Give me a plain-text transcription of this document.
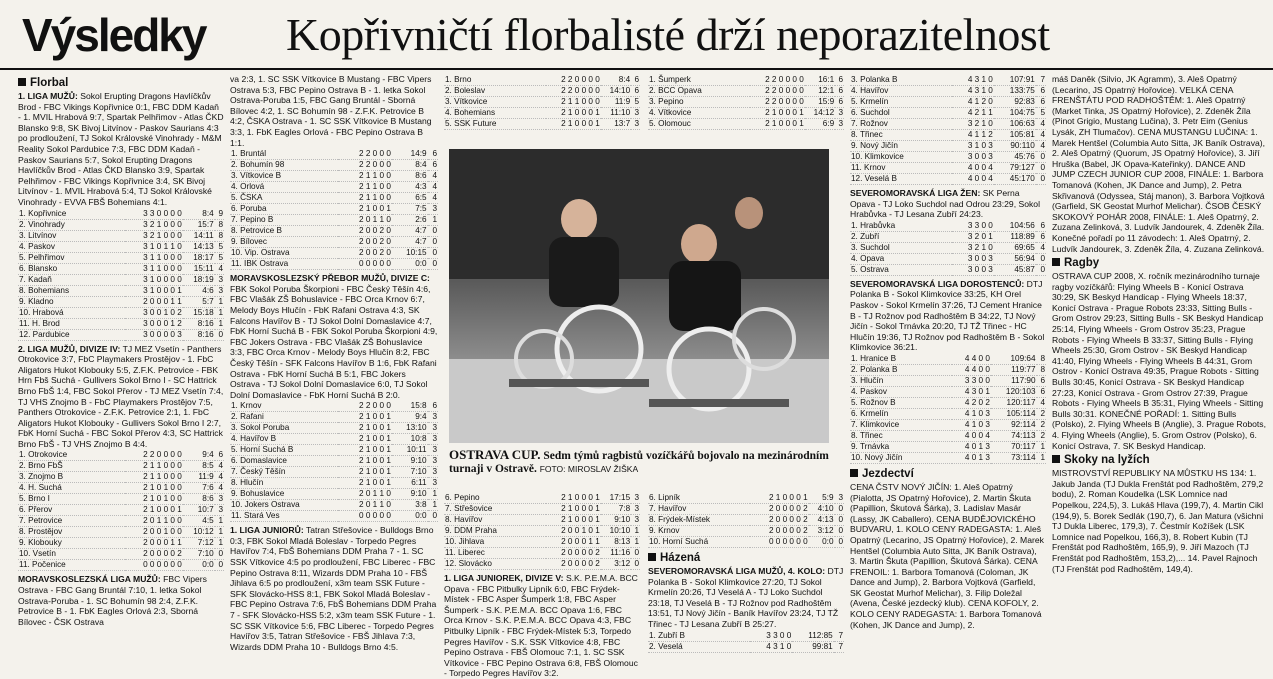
Výsledky Kopřivničtí florbalisté drží neporazitelnost
Florbal

1. LIGA MUŽŮ: Sokol Erupting Dragons Havlíčkův Brod - FBC Vikings Kopřivnice 0:1, FBC DDM Kadaň - 1. MVIL Hrabová 9:7, Spartak Pelhřimov - Atlas ČKD Blansko 9:8, SK Bivoj Litvínov - Paskov Saurians 4:3 po prodloužení, TJ Sokol Královské Vinohrady - M&M Reality Sokol Pardubice 7:3, FBC DDM Kadaň - Paskov Saurians 5:7, Sokol Erupting Dragons Havlíčkův Brod - Atlas ČKD Blansko 3:9, Spartak Pelhřimov - FBC Vikings Kopřivnice 3:4, SK Bivoj Litvínov - 1. MVIL Hrabová 5:4, TJ Sokol Královské Vinohrady - EVVA FBŠ Bohemians 4:1.

1. Kopřivnice	3 3 0 0 0 0	8:4	9
2. Vinohrady	3 2 1 0 0 0	15:7	8
3. Litvínov	3 2 1 0 0 0	14:11	8
4. Paskov	3 1 0 1 1 0	14:13	5
5. Pelhřimov	3 1 1 0 0 0	18:17	5
6. Blansko	3 1 1 0 0 0	15:11	4
7. Kadaň	3 1 0 0 0 0	18:19	3
8. Bohemians	3 1 0 0 0 1	4:6	3
9. Kladno	2 0 0 0 1 1	5:7	1
10. Hrabová	3 0 0 1 0 2	15:18	1
11. H. Brod	3 0 0 0 1 2	8:16	1
12. Pardubice	3 0 0 0 0 3	8:16	0

2. LIGA MUŽŮ, DIVIZE IV: TJ MEZ Vsetín - Panthers Otrokovice 3:7, FbC Playmakers Prostějov - 1. FbC Aligators Hukot Klobouky 5:5, Z.F.K. Petrovice - FBK Hrn Fbš Suchá - Gullivers Sokol Brno I - SC Hattrick Brno FbŠ 1:4, FBC Sokol Přerov - TJ MEZ Vsetín 7:4, TJ VHS Znojmo B - FbC Playmakers Prostějov 7:5, Panthers Otrokovice - Z.F.K. Petrovice 2:1, 1. FbC Aligators Hukot Klobouky - Gullivers Sokol Brno I 2:7, FbK Horní Suchá - FBC Sokol Přerov 4:3, SC Hattrick Brno FbŠ - TJ VHS Znojmo B 4:4.

1. Otrokovice	2 2 0 0 0 0	9:4	6
2. Brno FbŠ	2 1 1 0 0 0	8:5	4
3. Znojmo B	2 1 1 0 0 0	11:9	4
4. H. Suchá	2 1 0 1 0 0	7:6	4
5. Brno I	2 1 0 1 0 0	8:6	3
6. Přerov	2 1 0 0 0 1	10:7	3
7. Petrovice	2 0 1 1 0 0	4:5	1
8. Prostějov	2 0 0 1 0 0	10:12	1
9. Klobouky	2 0 0 0 1 1	7:12	1
10. Vsetín	2 0 0 0 0 2	7:10	0
11. Počenice	0 0 0 0 0 0	0:0	0

MORAVSKOSLEZSKÁ LIGA MUŽŮ: FBC Vipers Ostrava - FBC Gang Bruntál 7:10, 1. letka Sokol Ostrava-Poruba - 1. SC Bohumín 98 2:4, Z.F.K. Petrovice B - 1. FbK Eagles Orlová 2:3, Sborná Bílovec - ČSK Ostrava

va 2:3, 1. SC SSK Vítkovice B Mustang - FBC Vipers Ostrava 5:3, FBC Pepino Ostrava B - 1. letka Sokol Ostrava-Poruba 1:5, FBC Gang Bruntál - Sborná Bílovec 4:2, 1. SC Bohumín 98 - Z.F.K. Petrovice B 4:2, ČSKA Ostrava - 1. SC SSK Vítkovice B Mustang 3:3, 1. FbK Eagles Orlová - FBC Pepino Ostrava B 1:1.

1. Bruntál	2 2 0 0 0	14:9	6
2. Bohumín 98	2 2 0 0 0	8:4	6
3. Vítkovice B	2 1 1 0 0	8:6	4
4. Orlová	2 1 1 0 0	4:3	4
5. ČSKA	2 1 1 0 0	6:5	4
6. Poruba	2 1 0 0 1	7:5	3
7. Pepino B	2 0 1 1 0	2:6	1
8. Petrovice B	2 0 0 2 0	4:7	0
9. Bílovec	2 0 0 2 0	4:7	0
10. Vip. Ostrava	2 0 0 2 0	10:15	0
11. IBK Ostrava	0 0 0 0 0	0:0	0

MORAVSKOSLEZSKÝ PŘEBOR MUŽŮ, DIVIZE C: FBK Sokol Poruba Škorpioni - FBC Český Těšín 4:6, FBC Vlašák ZŠ Bohuslavice - FBC Orca Krnov 6:7, Melody Boys Hlučín - FbK Rafani Ostrava 4:3, SK Falcons Havířov B - TJ Sokol Dolní Domaslavice 4:7, FbK Horní Suchá B - FBK Sokol Poruba Škorpioni 4:9, FBC Jokers Ostrava - FBC Vlašák ZŠ Bohuslavice 3:3, FBC Orca Krnov - Melody Boys Hlučín 8:2, FBC Český Těšín - SFK Falcons Havířov B 1:6, FbK Rafani Ostrava - FbK Horní Suchá B 5:1, FBC Jokers Ostrava - TJ Sokol Dolní Domaslavice 6:0, TJ Sokol Dolní Domaslavice - FbK Horní Suchá B 2:0.

1. Krnov	2 2 0 0 0	15:8	6
2. Rafani	2 1 0 0 1	9:4	3
3. Sokol Poruba	2 1 0 0 1	13:10	3
4. Havířov B	2 1 0 0 1	10:8	3
5. Horní Suchá B	2 1 0 0 1	10:11	3
6. Domaslavice	2 1 0 0 1	9:10	3
7. Český Těšín	2 1 0 0 1	7:10	3
8. Hlučín	2 1 0 0 1	6:11	3
9. Bohuslavice	2 0 1 1 0	9:10	1
10. Jokers Ostrava	2 0 1 1 0	3:8	1
11. Stará Ves	0 0 0 0 0	0:0	0

1. LIGA JUNIORŮ: Tatran Střešovice - Bulldogs Brno 0:3, FBK Sokol Mladá Boleslav - Torpedo Pegres Havířov 7:4, FbŠ Bohemians DDM Praha 7 - 1. SC SSK Vítkovice 4:5 po prodloužení, FBC Liberec - FBC Pepino Ostrava 8:11, Wizards DDM Praha 10 - FBŠ Jihlava 6:5 po prodloužení, x3m team SSK Future - SFK Slovácko-HSS 8:1, FBK Sokol Mladá Boleslav - FBC Pepino Ostrava 7:6, FbŠ Bohemians DDM Praha 7 - SFK Slovácko-HSS 5:2, x3m team SSK Future - 1. SC SSK Vítkovice 5:6, FBC Liberec - Torpedo Pegres Havířov 3:5, Tatran Střešovice - FBŠ Jihlava 7:3, Wizards DDM Praha 10 - Bulldogs Brno 4:5.

1. Brno	2 2 0 0 0 0	8:4	6
2. Boleslav	2 2 0 0 0 0	14:10	6
3. Vítkovice	2 1 1 0 0 0	11:9	5
4. Bohemians	2 1 0 0 0 1	11:10	3
5. SSK Future	2 1 0 0 0 1	13:7	3
1. Šumperk	2 2 0 0 0 0	16:1	6
2. BCC Opava	2 2 0 0 0 0	12:1	6
3. Pepino	2 2 0 0 0 0	15:9	6
4. Vítkovice	2 1 0 0 0 1	14:12	3
5. Olomouc	2 1 0 0 0 1	6:9	3
OSTRAVA CUP. Sedm týmů ragbistů vozíčkářů bojovalo na mezinárodním turnaji v Ostravě. FOTO: MIROSLAV ŽIŠKA
6. Pepino	2 1 0 0 0 1	17:15	3
7. Střešovice	2 1 0 0 0 1	7:8	3
8. Havířov	2 1 0 0 0 1	9:10	3
9. DDM Praha	2 0 0 1 0 1	10:10	1
10. Jihlava	2 0 0 0 1 1	8:13	1
11. Liberec	2 0 0 0 0 2	11:16	0
12. Slovácko	2 0 0 0 0 2	3:12	0

1. LIGA JUNIOREK, DIVIZE V: S.K. P.E.M.A. BCC Opava - FBC Pitbulky Lipník 6:0, FBC Frýdek-Místek - FBC Asper Šumperk 1:8, FBC Asper Šumperk - S.K. P.E.M.A. BCC Opava 1:6, FBC Orca Krnov - S.K. P.E.M.A. BCC Opava 4:3, FBC Pitbulky Lipník - FBC Frýdek-Místek 5:3, Torpedo Pegres Havířov - S.K. SSK Vítkovice 4:8, FBC Pepino Ostrava - FBŠ Olomouc 7:1, 1. SC SSK Vítkovice - FBC Pepino Ostrava 6:8, FBŠ Olomouc - Torpedo Pegres Havířov 3:2.

6. Lipník	2 1 0 0 0 1	5:9	3
7. Havířov	2 0 0 0 0 2	4:10	0
8. Frýdek-Místek	2 0 0 0 0 2	4:13	0
9. Krnov	2 0 0 0 0 2	3:12	0
10. Horní Suchá	0 0 0 0 0 0	0:0	0
Házená

SEVEROMORAVSKÁ LIGA MUŽŮ, 4. KOLO: DTJ Polanka B - Sokol Klimkovice 27:20, TJ Sokol Krmelín 20:26, TJ Veselá A - TJ Loko Suchdol 23:18, TJ Veselá B - TJ Rožnov pod Radhoštěm 13:51, TJ Nový Jičín - Baník Havířov 23:24, TJ TŽ Třinec - TJ Lesana Zubří B 25:27.

1. Zubří B	3 3 0 0	112:85	7
2. Veselá	4 3 1 0	99:81	7
3. Polanka B	4 3 1 0	107:91	7
4. Havířov	4 3 1 0	133:75	6
5. Krmelín	4 1 2 0	92:83	6
6. Suchdol	4 2 1 1	104:75	5
7. Rožnov	3 2 1 0	106:63	4
8. Třinec	4 1 1 2	105:81	4
9. Nový Jičín	3 1 0 3	90:110	4
10. Klimkovice	3 0 0 3	45:76	0
11. Krnov	4 0 0 4	79:127	0
12. Veselá B	4 0 0 4	45:170	0

SEVEROMORAVSKÁ LIGA ŽEN: SK Perna Opava - TJ Loko Suchdol nad Odrou 23:29, Sokol Hrabůvka - TJ Lesana Zubří 24:23.

1. Hrabůvka	3 3 0 0	104:56	6
2. Zubří	3 2 0 1	118:89	6
3. Suchdol	3 2 1 0	69:65	4
4. Opava	3 0 0 3	56:94	0
5. Ostrava	3 0 0 3	45:87	0

SEVEROMORAVSKÁ LIGA DOROSTENCŮ: DTJ Polanka B - Sokol Klimkovice 33:25, KH Orel Paskov - Sokol Krmelín 37:26, TJ Cement Hranice B - TJ Rožnov pod Radhoštěm B 34:22, TJ Nový Jičín - Sokol Trnávka 20:20, TJ TŽ Třinec - HC Hlučín 19:36, TJ Rožnov pod Radhoštěm B - Sokol Klimkovice 36:21.

1. Hranice B	4 4 0 0	109:64	8
2. Polanka B	4 4 0 0	119:77	8
3. Hlučín	3 3 0 0	117:90	6
4. Paskov	4 3 0 1	120:103	6
5. Rožnov B	4 2 0 2	120:117	4
6. Krmelín	4 1 0 3	105:114	2
7. Klimkovice	4 1 0 3	92:114	2
8. Třinec	4 0 0 4	74:113	2
9. Trnávka	4 0 1 3	70:117	1
10. Nový Jičín	4 0 1 3	73:114	1
Jezdectví

CENA ČSTV NOVÝ JIČÍN: 1. Aleš Opatrný (Pialotta, JS Opatrný Hořovice), 2. Martin Škuta (Papillion, Škutová Šárka), 3. Ladislav Masár (Lassy, JK Caballero). CENA BUDĚJOVICKÉHO BUDVARU, 1. KOLO CENY RADEGASTA: 1. Aleš Opatrný (Lecarino, JS Opatrný Hořovice), 2. Marek Hentšel (Columbia Auto Sitta, JK Baník Ostrava), 3. Martin Škuta (Papillion, Škutová Šárka). CENA FRENOIL: 1. Barbora Tomanová (Coloman, JK Dance and Jump), 2. Barbora Vojtková (Garfield, SK Geostat Murhof Melichar), 3. Filip Doležal (Avena, České jezdecký klub). CENA KOFOLY, 2. KOLO CENY RADEGASTA: 1. Barbora Tomanová (Kohen, JK Dance and Jump), 2.

máš Daněk (Silvio, JK Agramm), 3. Aleš Opatrný (Lecarino, JS Opatrný Hořovice). VELKÁ CENA FRENŠTÁTU POD RADHOŠTĚM: 1. Aleš Opatrný (Market Tinka, JS Opatrný Hořovice), 2. Zdeněk Žíla (Pinot Grigio, Mustang Lučina), 3. Petr Eim (Genius Lysák, ZH Tlumačov). CENA MUSTANGU LUČINA: 1. Marek Hentšel (Columbia Auto Sitta, JK Baník Ostrava), 2. Aleš Opatrný (Quorum, JS Opatrný Hořovice), 3. Jiří Hruška (Babel, JK Opava-Kateřinky). DANCE AND JUMP CZECH JUNIOR CUP 2008, FINÁLE: 1. Barbora Tomanová (Kohen, JK Dance and Jump), 2. Petra Skřivanová (Odyssea, Stáj manon), 3. Barbora Vojtková (Garfield, SK Geostat Murhof Melichar). ČSOB ČESKÝ SKOKOVÝ POHÁR 2008, FINÁLE: 1. Aleš Opatrný, 2. Zuzana Zelinková, 3. Ludvík Jandourek, 4. Zdeněk Žíla. Konečné pořadí po 11 závodech: 1. Aleš Opatrný, 2. Ludvík Jandourek, 3. Zdeněk Žíla, 4. Zuzana Zelinková.

Ragby

OSTRAVA CUP 2008, X. ročník mezinárodního turnaje ragby vozíčkářů: Flying Wheels B - Konicí Ostrava 30:29, SK Beskyd Handicap - Flying Wheels 18:37, Konicí Ostrava - Prague Robots 23:33, Sitting Bulls - Grom Ostrov 29:23, Sitting Bulls - SK Beskyd Handicap 25:14, Flying Wheels - Grom Ostrov 35:23, Prague Robots - Flying Wheels B 33:37, Sitting Bulls - Flying Wheels 25:30, Grom Ostrov - SK Beskyd Handicap 41:40, Flying Wheels - Flying Wheels B 44:31, Grom Ostrov - Konicí Ostrava 49:35, Prague Robots - Sitting Bulls 30:45, Konicí Ostrava - SK Beskyd Handicap 27:23, Konicí Ostrava - Grom Ostrov 27:39, Prague Robots - Flying Wheels B 35:31, Flying Wheels - Sitting Bulls 30:31. KONEČNÉ POŘADÍ: 1. Sitting Bulls (Polsko), 2. Flying Wheels B (Anglie), 3. Prague Robots, 4. Flying Wheels (Anglie), 5. Grom Ostrov (Polsko), 6. Konicí Ostrava, 7. SK Beskyd Handicap.

Skoky na lyžích

MISTROVSTVÍ REPUBLIKY NA MŮSTKU HS 134: 1. Jakub Janda (TJ Dukla Frenštát pod Radhoštěm, 279,2 bodu), 2. Roman Koudelka (LSK Lomnice nad Popelkou, 224,5), 3. Lukáš Hlava (199,7), 4. Martin Cikl (194,9), 5. Borek Sedlák (190,7), 6. Jan Matura (všichni TJ Dukla Liberec, 179,3), 7. Čestmír Kožíšek (LSK Lomnice nad Popelkou, 166,3), 8. Robert Kubin (TJ Frenštát pod Radhoštěm, 165,9), 9. Jiří Mazoch (TJ Frenštát pod Radhoštěm, 153,2),... 14. Pavel Rajnoch (TJ Frenštát pod Radhoštěm, 149,4).
